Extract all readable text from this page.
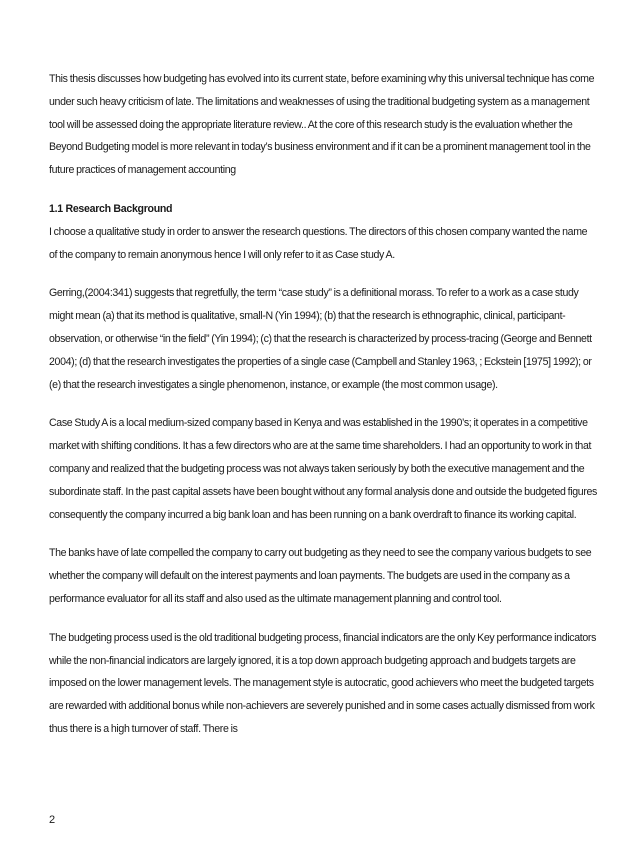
This thesis discusses how budgeting has evolved into its current state, before examining why this universal technique has come under such heavy criticism of late. The limitations and weaknesses of using the traditional budgeting system as a management tool will be assessed doing the appropriate literature review.. At the core of this research study is the evaluation whether the Beyond Budgeting model is more relevant in today’s business environment and if it can be a prominent management tool in the future practices of management accounting

1.1 Research Background

I choose a qualitative study in order to answer the research questions. The directors of this chosen company wanted the name of the company to remain anonymous hence I will only refer to it as Case study A.

Gerring,(2004:341) suggests that regretfully, the term “case study” is a definitional morass. To refer to a work as a case study might mean (a) that its method is qualitative, small-N (Yin 1994); (b) that the research is ethnographic, clinical, participant-observation, or otherwise “in the field” (Yin 1994); (c) that the research is characterized by process-tracing (George and Bennett 2004); (d) that the research investigates the properties of a single case (Campbell and Stanley 1963, ; Eckstein [1975] 1992); or (e) that the research investigates a single phenomenon, instance, or example (the most common usage).

Case Study A is a local medium-sized company based in Kenya and was established in the 1990’s; it operates in a competitive market with shifting conditions. It has a few directors who are at the same time shareholders. I had an opportunity to work in that company and realized that the budgeting process was not always taken seriously by both the executive management and the subordinate staff. In the past capital assets have been bought without any formal analysis done and outside the budgeted figures consequently the company incurred a big bank loan and has been running on a bank overdraft to finance its working capital.

The banks have of late compelled the company to carry out budgeting as they need to see the company various budgets to see whether the company will default on the interest payments and loan payments. The budgets are used in the company as a performance evaluator for all its staff and also used as the ultimate management planning and control tool.

The budgeting process used is the old traditional budgeting process, financial indicators are the only Key performance indicators while the non-financial indicators are largely ignored, it is a top down approach budgeting approach and budgets targets are imposed on the lower management levels. The management style is autocratic, good achievers who meet the budgeted targets are rewarded with additional bonus while non-achievers are severely punished and in some cases actually dismissed from work thus there is a high turnover of staff. There is

2
